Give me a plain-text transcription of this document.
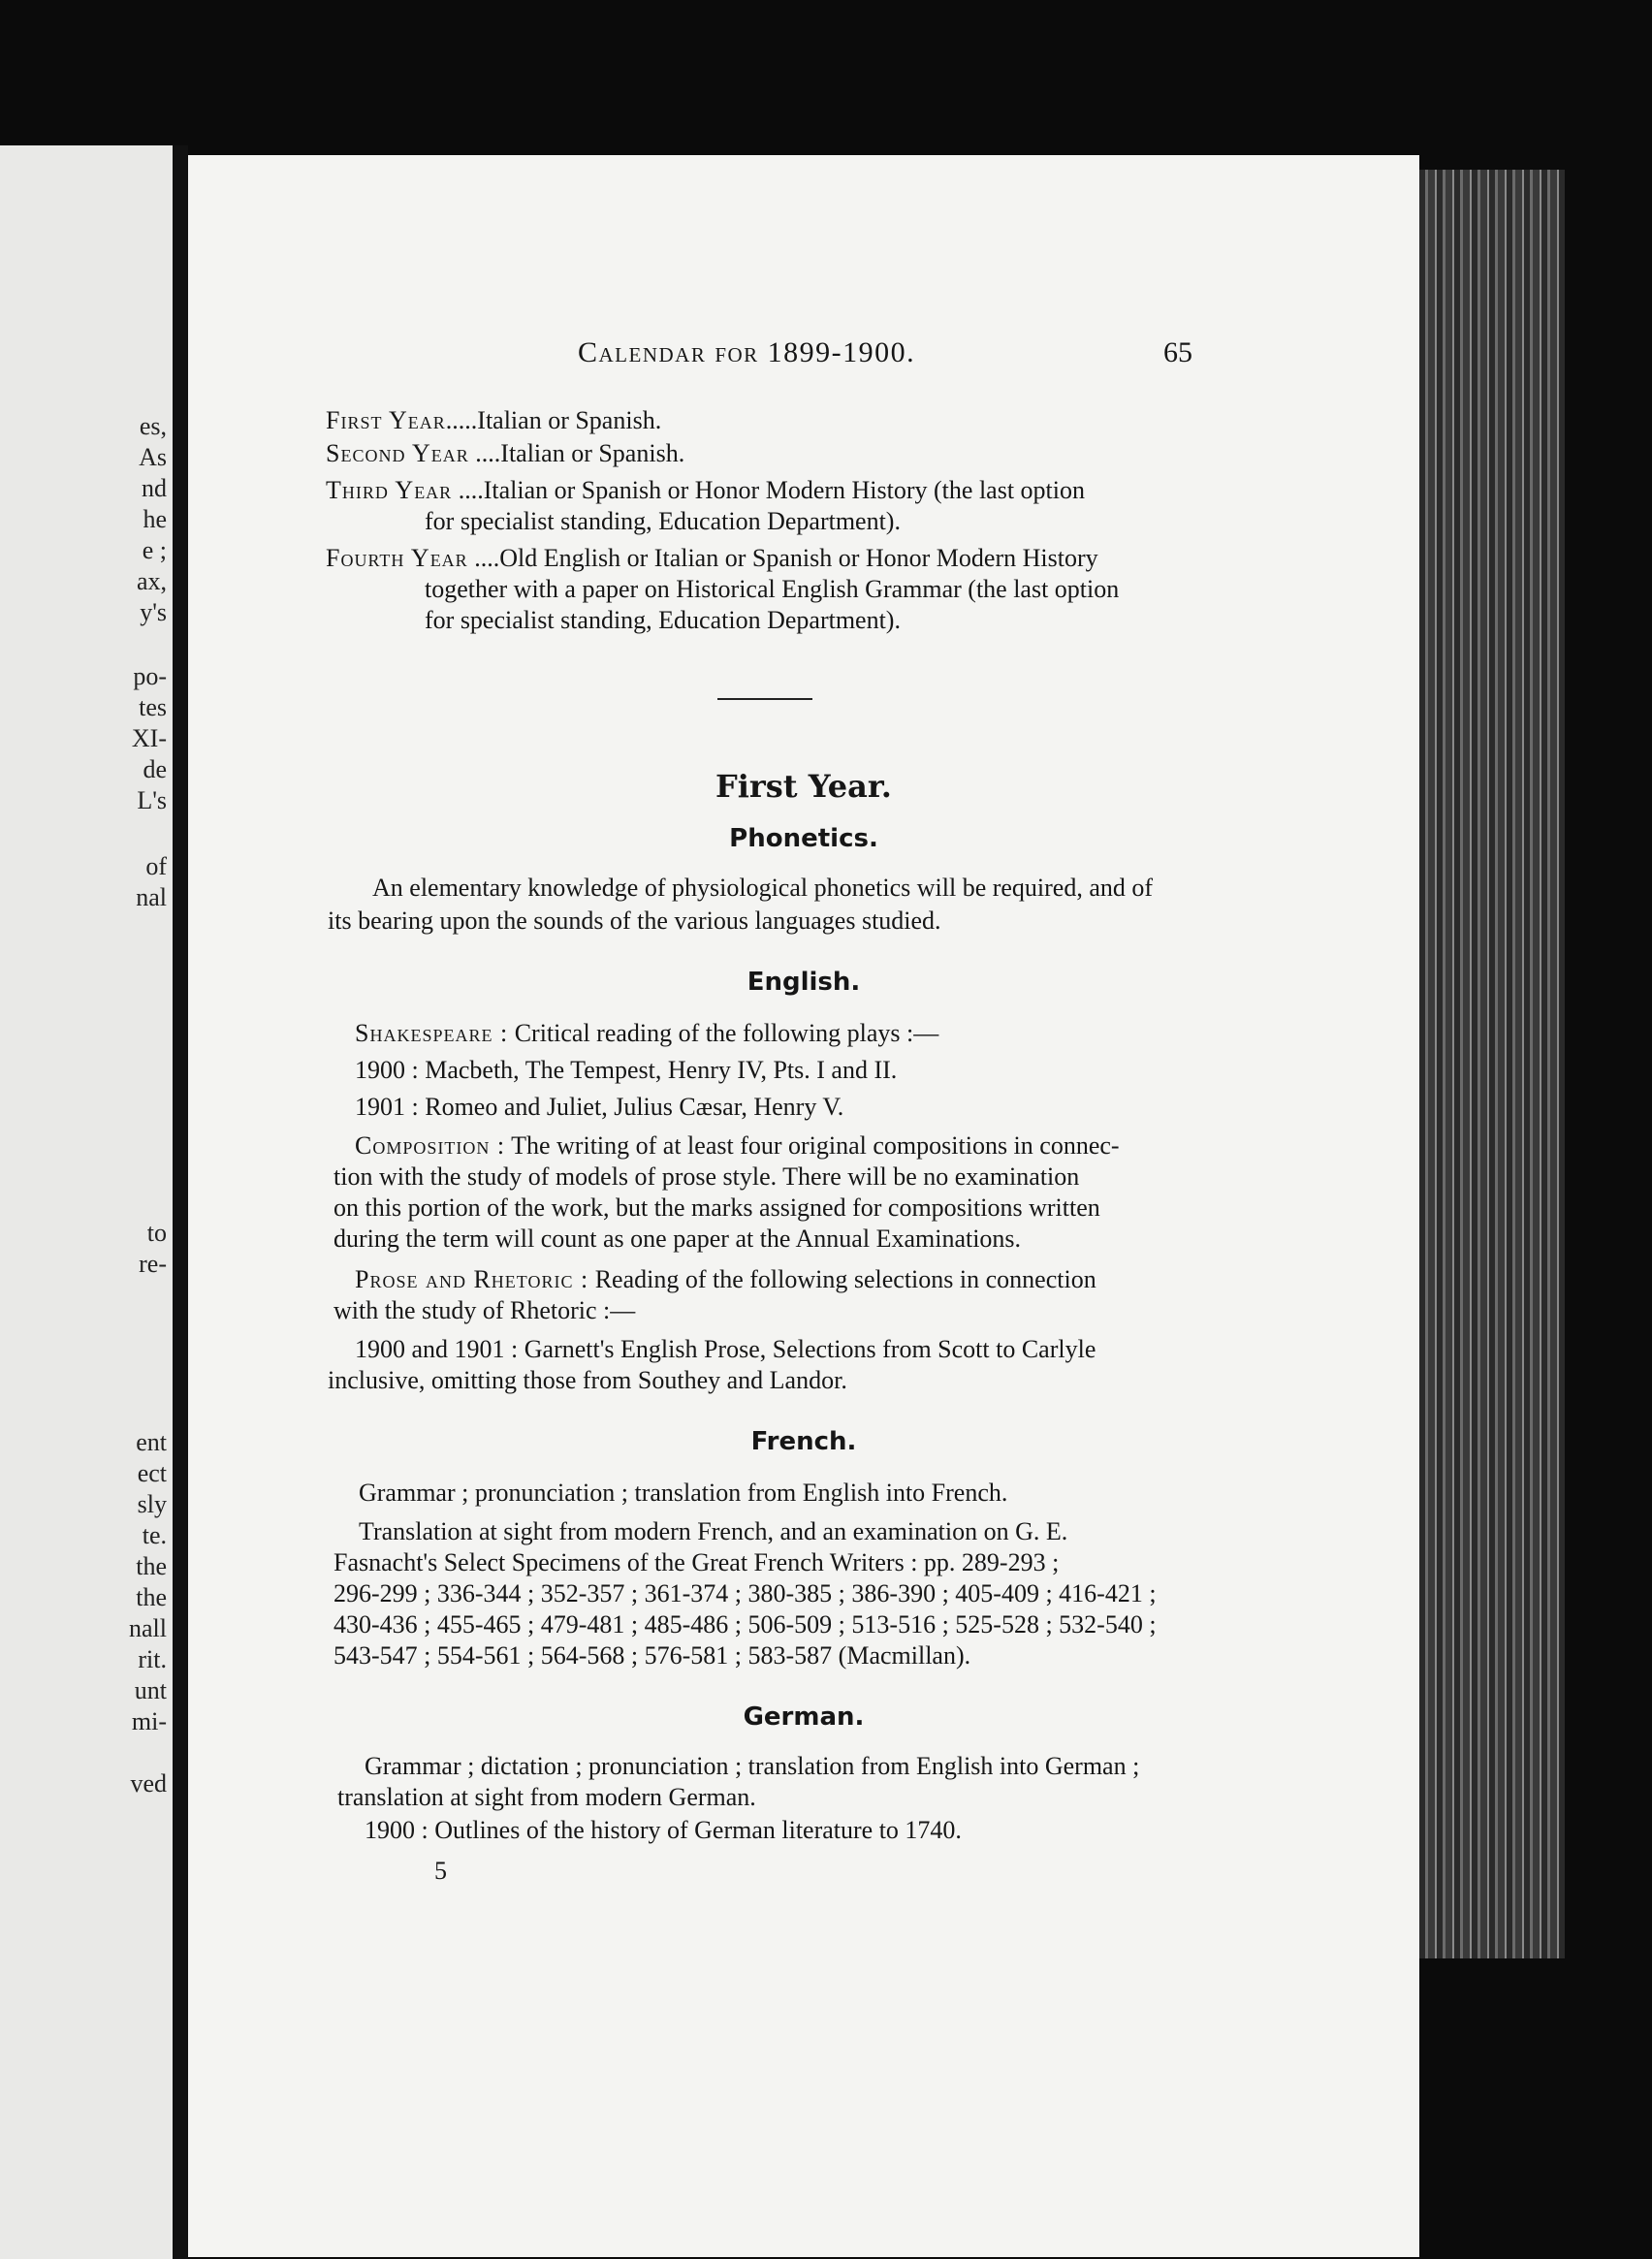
es,
As
nd
he
e ;
ax,
y's
po-
tes
XI-
de
L's
of
nal
to
re-
ent
ect
sly
te.
the
the
nall
rit.
unt
mi-
ved
Calendar for 1899-1900.	65
First Year.....Italian or Spanish.
Second Year ....Italian or Spanish.
Third Year ....Italian or Spanish or Honor Modern History (the last option
for specialist standing, Education Department).
Fourth Year ....Old English or Italian or Spanish or Honor Modern History
together with a paper on Historical English Grammar (the last option
for specialist standing, Education Department).
First Year.
Phonetics.
An elementary knowledge of physiological phonetics will be required, and of
its bearing upon the sounds of the various languages studied.
English.
Shakespeare : Critical reading of the following plays :—
1900 : Macbeth, The Tempest, Henry IV, Pts. I and II.
1901 : Romeo and Juliet, Julius Cæsar, Henry V.
Composition : The writing of at least four original compositions in connec-
tion with the study of models of prose style. There will be no examination
on this portion of the work, but the marks assigned for compositions written
during the term will count as one paper at the Annual Examinations.
Prose and Rhetoric : Reading of the following selections in connection
with the study of Rhetoric :—
1900 and 1901 : Garnett's English Prose, Selections from Scott to Carlyle
inclusive, omitting those from Southey and Landor.
French.
Grammar ; pronunciation ; translation from English into French.
Translation at sight from modern French, and an examination on G. E.
Fasnacht's Select Specimens of the Great French Writers : pp. 289-293 ;
296-299 ; 336-344 ; 352-357 ; 361-374 ; 380-385 ; 386-390 ; 405-409 ; 416-421 ;
430-436 ; 455-465 ; 479-481 ; 485-486 ; 506-509 ; 513-516 ; 525-528 ; 532-540 ;
543-547 ; 554-561 ; 564-568 ; 576-581 ; 583-587 (Macmillan).
German.
Grammar ; dictation ; pronunciation ; translation from English into German ;
translation at sight from modern German.
1900 : Outlines of the history of German literature to 1740.
5
